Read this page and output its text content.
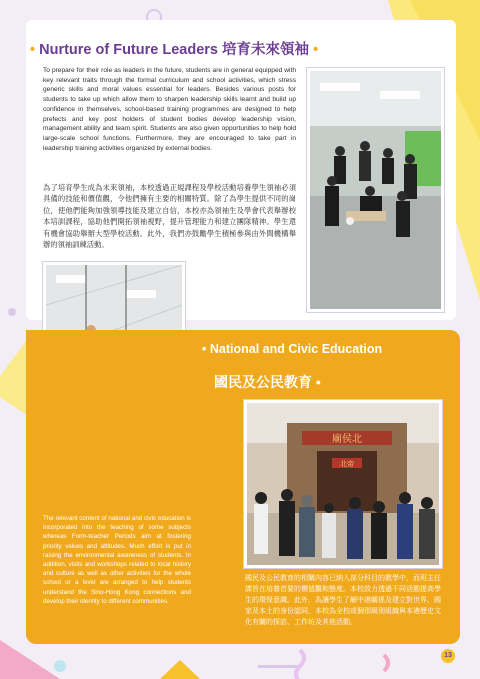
• Nurture of Future Leaders 培育未來領袖 •
To prepare for their role as leaders in the future, students are in general equipped with key relevant traits through the formal curriculum and school activities, which stress generic skills and moral values essential for leaders. Besides various posts for students to take up which allow them to sharpen leadership skills learnt and build up confidence in themselves, school-based training programmes are designed to help prefects and key post holders of student bodies develop leadership vision, management ability and team spirit. Students are also given opportunities to help hold large-scale school functions. Furthermore, they are encouraged to take part in leadership training activities organized by external bodies.
為了培育學生成為未來領袖，本校透過正規課程及學校活動培養學生領袖必須具備的技能和價值觀，令他們擁有主要的相關特質。除了為學生提供不同的崗位，使他們能夠加強領導技能及建立自信，本校亦為領袖生及學會代表舉辦校本培訓課程，協助他們開拓領袖視野，提升管理能力和建立團隊精神。學生還有機會協助舉辦大型學校活動。此外，我們亦鼓勵學生積極參與由外間機構舉辦的領袖訓練活動。
• National and Civic Education
國民及公民教育 •
廟侯北
北帝
The relevant content of national and civic education is incorporated into the teaching of some subjects whereas Form-teacher Periods aim at fostering priority values and attitudes. Much effort is put in raising the environmental awareness of students. In addition, visits and workshops related to local history and culture as well as other activities for the whole school or a level are arranged to help students understand the Sino-Hong Kong connections and develop their identity to different communities.
國民及公民教育的相關內容已納入部分科目的教學中，而班主任課旨在培養首要的價值觀和態度。本校致力透過不同活動提高學生的環保意識。此外，為讓學生了解中港關係及建立對世界、國家及本土的身份認同，本校為全校或個別級別組織與本港歷史文化有關的探訪、工作坊及其他活動。
13
